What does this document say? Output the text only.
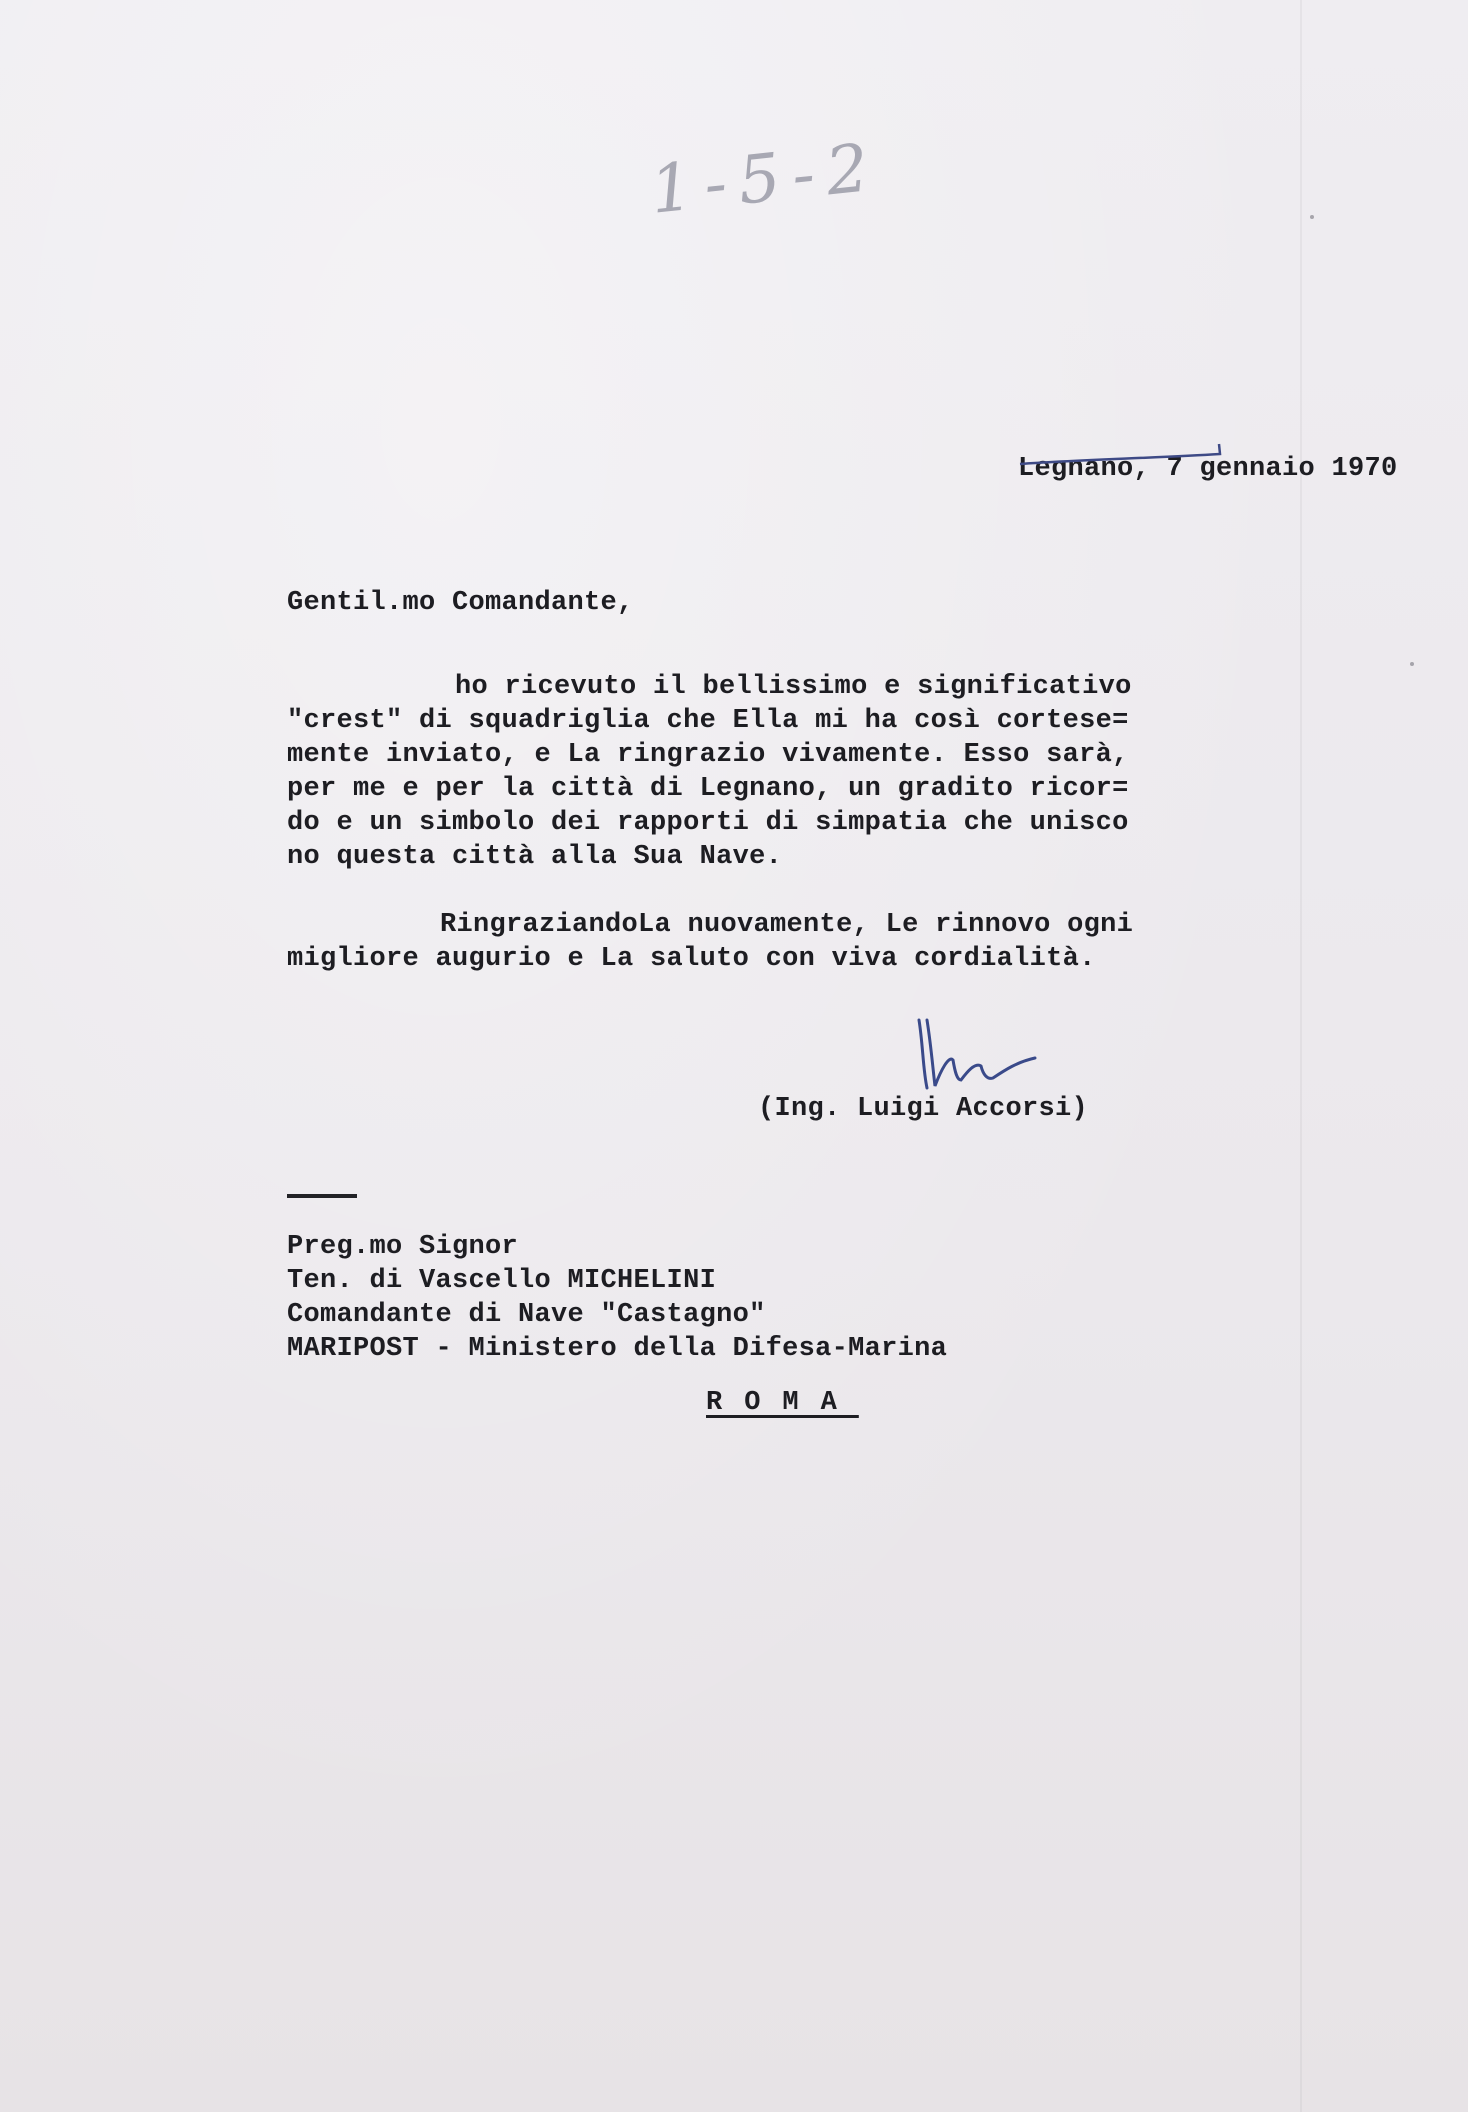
1-5-2
Legnano, 7 gennaio 1970
Gentil.mo Comandante,
ho ricevuto il bellissimo e significativo
"crest" di squadriglia che Ella mi ha così cortese=
mente inviato, e La ringrazio vivamente. Esso sarà,
per me e per la città di Legnano, un gradito ricor=
do e un simbolo dei rapporti di simpatia che unisco
no questa città alla Sua Nave.
RingraziandoLa nuovamente, Le rinnovo ogni
migliore augurio e La saluto con viva cordialità.
(Ing. Luigi Accorsi)
Preg.mo Signor
Ten. di Vascello MICHELINI
Comandante di Nave "Castagno"
MARIPOST - Ministero della Difesa-Marina
ROMA
